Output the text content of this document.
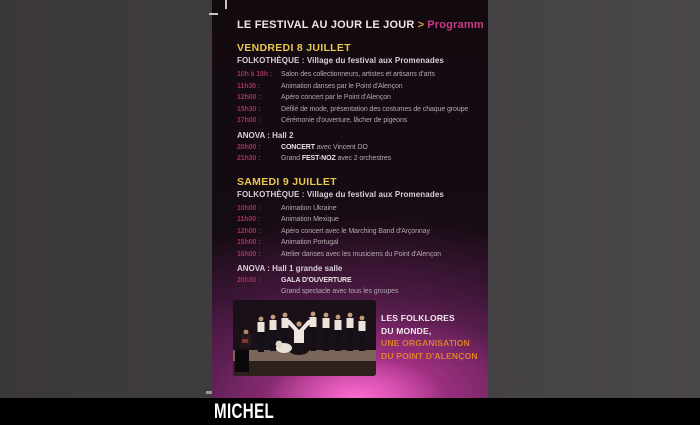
LE FESTIVAL AU JOUR LE JOUR > Programm
VENDREDI 8 JUILLET
FOLKOTHÈQUE : Village du festival aux Promenades
10h à 18h :	Salon des collectionneurs, artistes et artisans d'arts
11h30 :	Animation danses par le Point d'Alençon
12h00 :	Apéro concert par le Point d'Alençon
15h30 :	Défilé de mode, présentation des costumes de chaque groupe
17h00 :	Cérémonie d'ouverture, lâcher de pigeons
ANOVA : Hall 2
20h00 :	CONCERT avec Vincent DO
21h30 :	Grand FEST-NOZ avec 2 orchestres
SAMEDI 9 JUILLET
FOLKOTHÈQUE : Village du festival aux Promenades
10h00 :	Animation Ukraine
11h00 :	Animation Mexique
12h00 :	Apéro concert avec le Marching Band d'Arçonnay
15h00 :	Animation Portugal
16h00 :	Atelier danses avec les musiciens du Point d'Alençon
ANOVA : Hall 1 grande salle
20h30 :	GALA D'OUVERTURE
Grand spectacle avec tous les groupes
LES FOLKLORES
DU MONDE,
UNE ORGANISATION
DU POINT D'ALENÇON
MICHEL
